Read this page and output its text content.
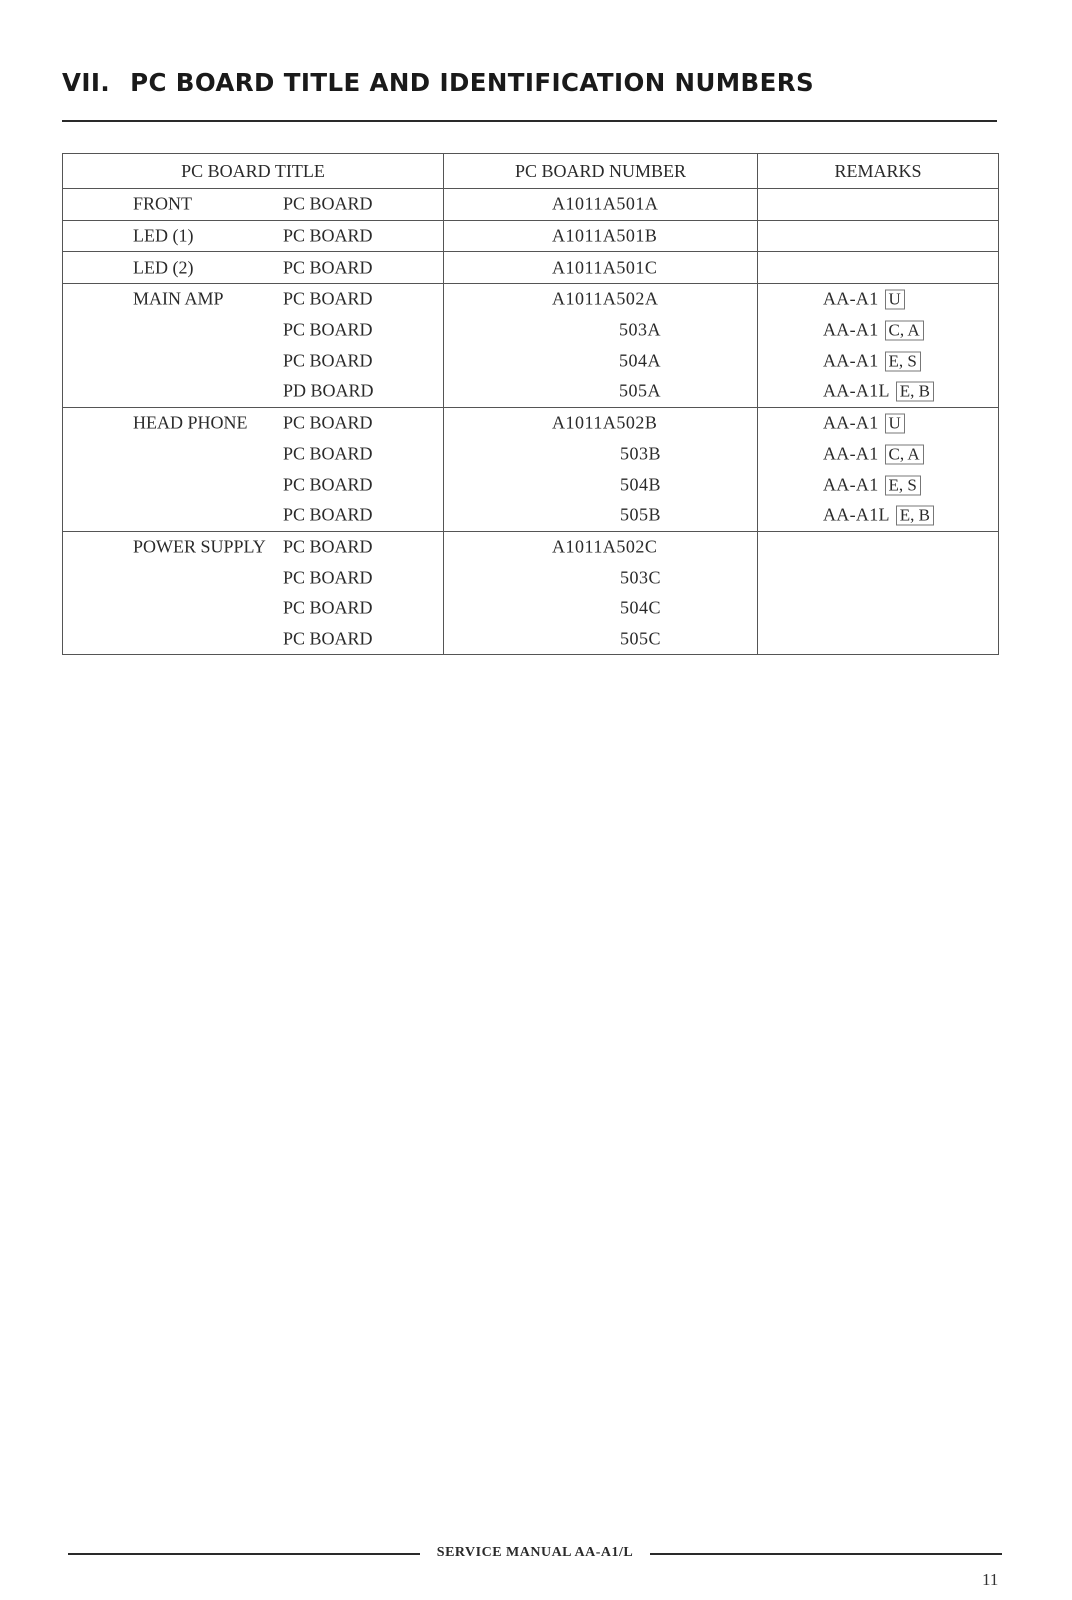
VII. PC BOARD TITLE AND IDENTIFICATION NUMBERS
PC BOARD TITLE	PC BOARD NUMBER	REMARKS

FRONT PC BOARD	A1011A501A	

LED (1) PC BOARD	A1011A501B	

LED (2) PC BOARD	A1011A501C	

MAIN AMP PC BOARD	A1011A502A	AA-A1 U

PC BOARD	503A	AA-A1 C, A

PC BOARD	504A	AA-A1 E, S

PD BOARD	505A	AA-A1L E, B

HEAD PHONE PC BOARD	A1011A502B	AA-A1 U

PC BOARD	503B	AA-A1 C, A

PC BOARD	504B	AA-A1 E, S

PC BOARD	505B	AA-A1L E, B

POWER SUPPLY PC BOARD	A1011A502C	

PC BOARD	503C	

PC BOARD	504C	

PC BOARD	505C	

SERVICE MANUAL AA-A1/L
11
